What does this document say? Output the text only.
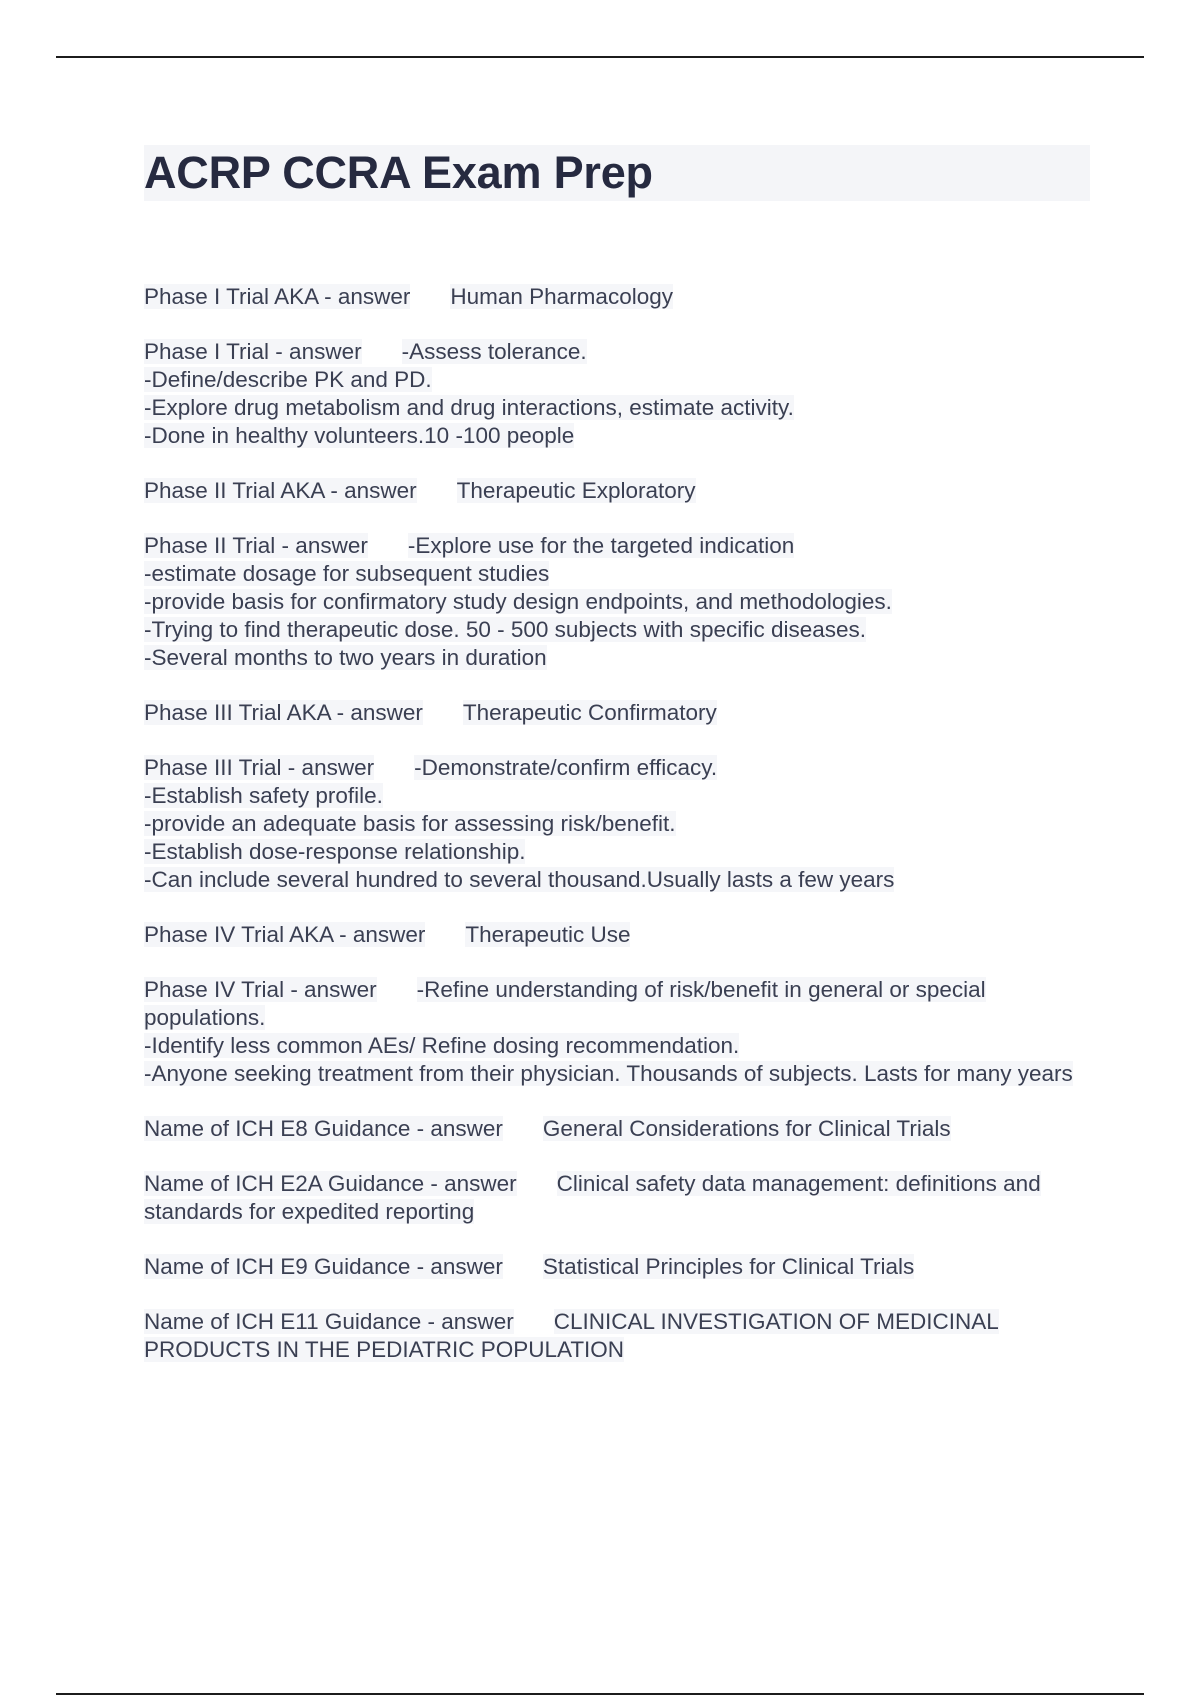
ACRP CCRA Exam Prep
Phase I Trial AKA - answer Human Pharmacology
Phase I Trial - answer -Assess tolerance.
-Define/describe PK and PD.
-Explore drug metabolism and drug interactions, estimate activity.
-Done in healthy volunteers.10 -100 people
Phase II Trial AKA - answer Therapeutic Exploratory
Phase II Trial - answer -Explore use for the targeted indication
-estimate dosage for subsequent studies
-provide basis for confirmatory study design endpoints, and methodologies.
-Trying to find therapeutic dose. 50 - 500 subjects with specific diseases.
-Several months to two years in duration
Phase III Trial AKA - answer Therapeutic Confirmatory
Phase III Trial - answer -Demonstrate/confirm efficacy.
-Establish safety profile.
-provide an adequate basis for assessing risk/benefit.
-Establish dose-response relationship.
-Can include several hundred to several thousand.Usually lasts a few years
Phase IV Trial AKA - answer Therapeutic Use
Phase IV Trial - answer -Refine understanding of risk/benefit in general or special populations.
-Identify less common AEs/ Refine dosing recommendation.
-Anyone seeking treatment from their physician. Thousands of subjects. Lasts for many years
Name of ICH E8 Guidance - answer General Considerations for Clinical Trials
Name of ICH E2A Guidance - answer Clinical safety data management: definitions and standards for expedited reporting
Name of ICH E9 Guidance - answer Statistical Principles for Clinical Trials
Name of ICH E11 Guidance - answer CLINICAL INVESTIGATION OF MEDICINAL PRODUCTS IN THE PEDIATRIC POPULATION
